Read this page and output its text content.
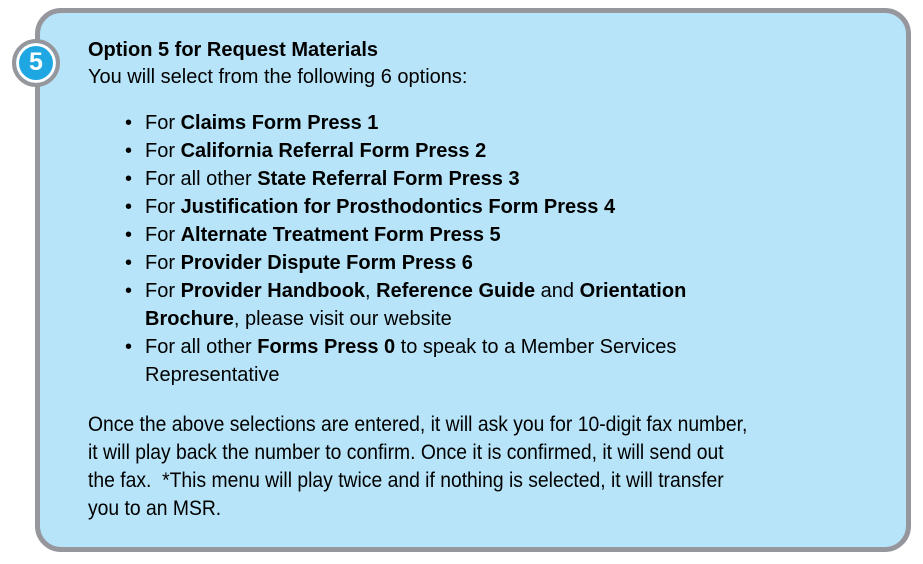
Option 5 for Request Materials

You will select from the following 6 options:

• For Claims Form Press 1
• For California Referral Form Press 2
• For all other State Referral Form Press 3
• For Justification for Prosthodontics Form Press 4
• For Alternate Treatment Form Press 5
• For Provider Dispute Form Press 6
• For Provider Handbook, Reference Guide and Orientation Brochure, please visit our website
• For all other Forms Press 0 to speak to a Member Services Representative
Once the above selections are entered, it will ask you for 10-digit fax number,
it will play back the number to confirm. Once it is confirmed, it will send out
the fax.  *This menu will play twice and if nothing is selected, it will transfer
you to an MSR.
5
